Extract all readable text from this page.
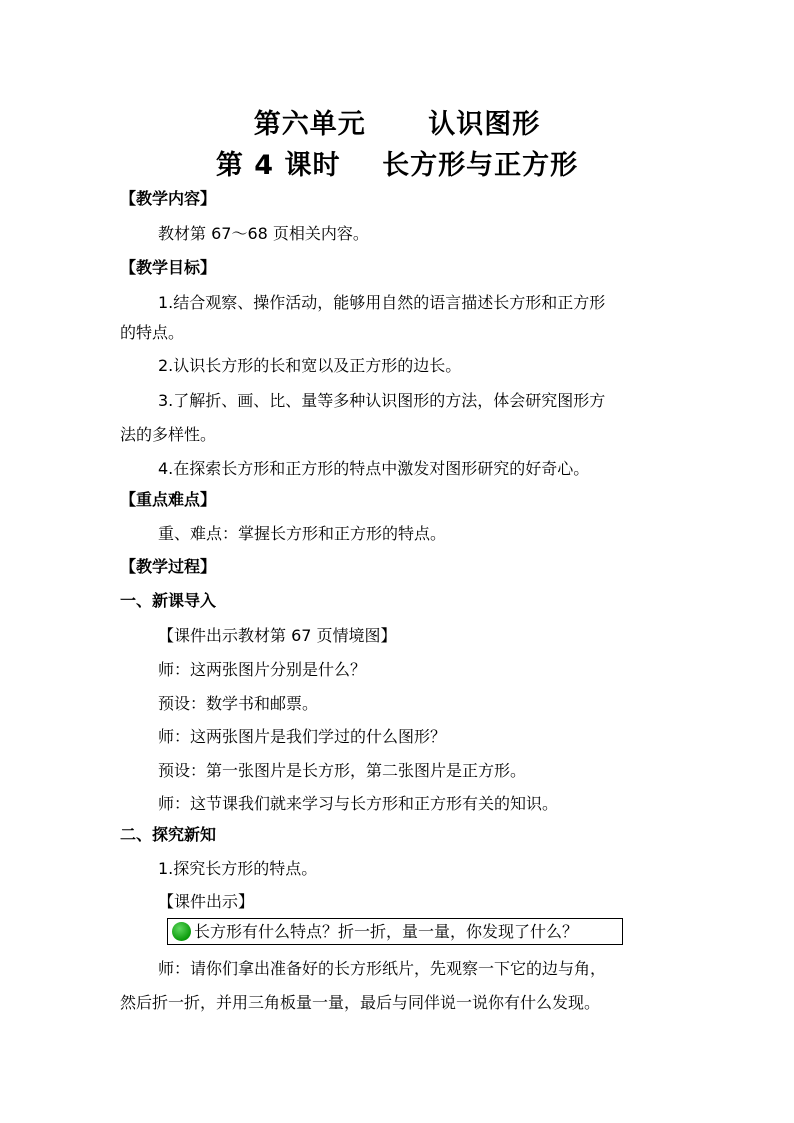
第六单元      认识图形
第 4 课时    长方形与正方形
【教学内容】
教材第 67～68 页相关内容。
【教学目标】
1.结合观察、操作活动，能够用自然的语言描述长方形和正方形
的特点。
2.认识长方形的长和宽以及正方形的边长。
3.了解折、画、比、量等多种认识图形的方法，体会研究图形方
法的多样性。
4.在探索长方形和正方形的特点中激发对图形研究的好奇心。
【重点难点】
重、难点：掌握长方形和正方形的特点。
【教学过程】
一、新课导入
【课件出示教材第 67 页情境图】
师：这两张图片分别是什么？
预设：数学书和邮票。
师：这两张图片是我们学过的什么图形？
预设：第一张图片是长方形，第二张图片是正方形。
师：这节课我们就来学习与长方形和正方形有关的知识。
二、探究新知
1.探究长方形的特点。
【课件出示】
长方形有什么特点？折一折，量一量，你发现了什么？
师：请你们拿出准备好的长方形纸片，先观察一下它的边与角，
然后折一折，并用三角板量一量，最后与同伴说一说你有什么发现。
